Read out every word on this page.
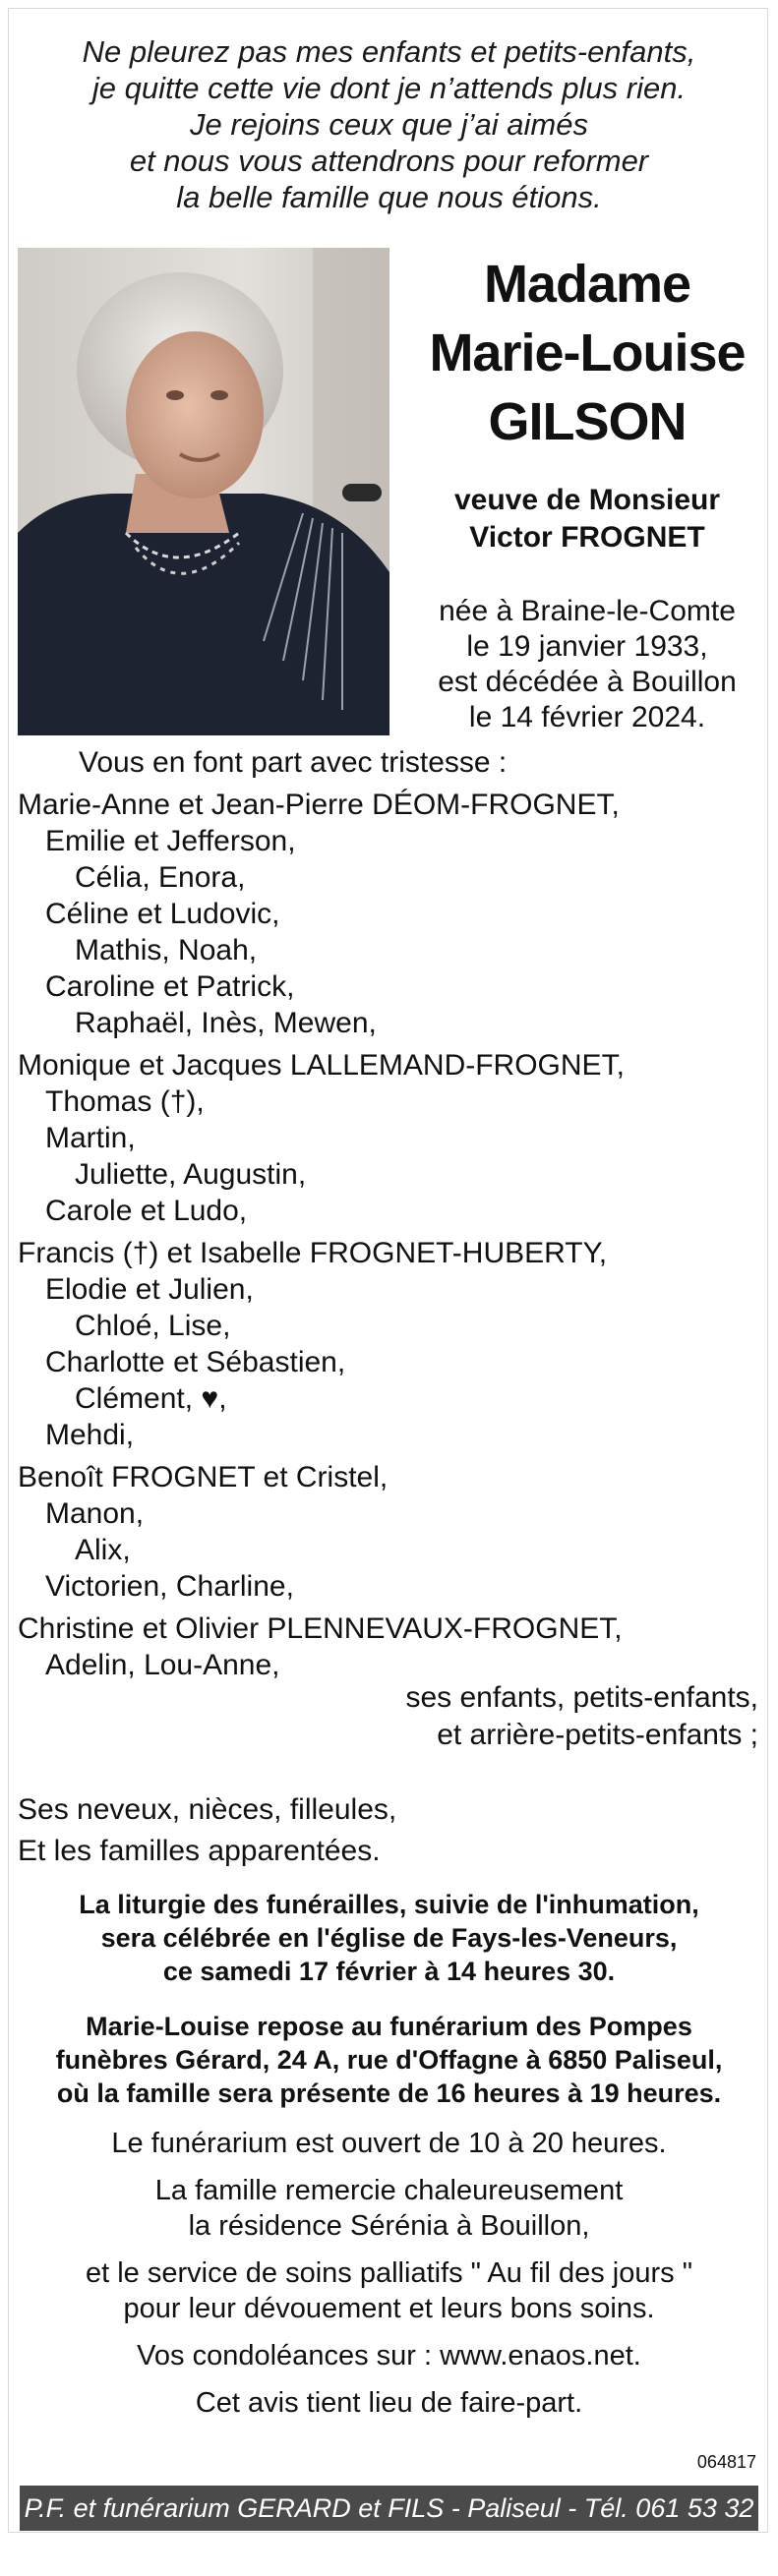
Ne pleurez pas mes enfants et petits-enfants,
je quitte cette vie dont je n’attends plus rien.
Je rejoins ceux que j’ai aimés
et nous vous attendrons pour reformer
la belle famille que nous étions.
Madame
Marie-Louise
GILSON
veuve de Monsieur
Victor FROGNET
née à Braine-le-Comte
le 19 janvier 1933,
est décédée à Bouillon
le 14 février 2024.
Vous en font part avec tristesse :
Marie-Anne et Jean-Pierre DÉOM-FROGNET,
Emilie et Jefferson,
Célia, Enora,
Céline et Ludovic,
Mathis, Noah,
Caroline et Patrick,
Raphaël, Inès, Mewen,
Monique et Jacques LALLEMAND-FROGNET,
Thomas (†),
Martin,
Juliette, Augustin,
Carole et Ludo,
Francis (†) et Isabelle FROGNET-HUBERTY,
Elodie et Julien,
Chloé, Lise,
Charlotte et Sébastien,
Clément, ♥,
Mehdi,
Benoît FROGNET et Cristel,
Manon,
Alix,
Victorien, Charline,
Christine et Olivier PLENNEVAUX-FROGNET,
Adelin, Lou-Anne,
ses enfants, petits-enfants,
et arrière-petits-enfants ;
Ses neveux, nièces, filleules,
Et les familles apparentées.
La liturgie des funérailles, suivie de l'inhumation,
sera célébrée en l'église de Fays-les-Veneurs,
ce samedi 17 février à 14 heures 30.
Marie-Louise repose au funérarium des Pompes
funèbres Gérard, 24 A, rue d'Offagne à 6850 Paliseul,
où la famille sera présente de 16 heures à 19 heures.
Le funérarium est ouvert de 10 à 20 heures.
La famille remercie chaleureusement
la résidence Sérénia à Bouillon,
et le service de soins palliatifs " Au fil des jours "
pour leur dévouement et leurs bons soins.
Vos condoléances sur : www.enaos.net.
Cet avis tient lieu de faire-part.
064817
P.F. et funérarium GERARD et FILS - Paliseul - Tél. 061 53 32 84
